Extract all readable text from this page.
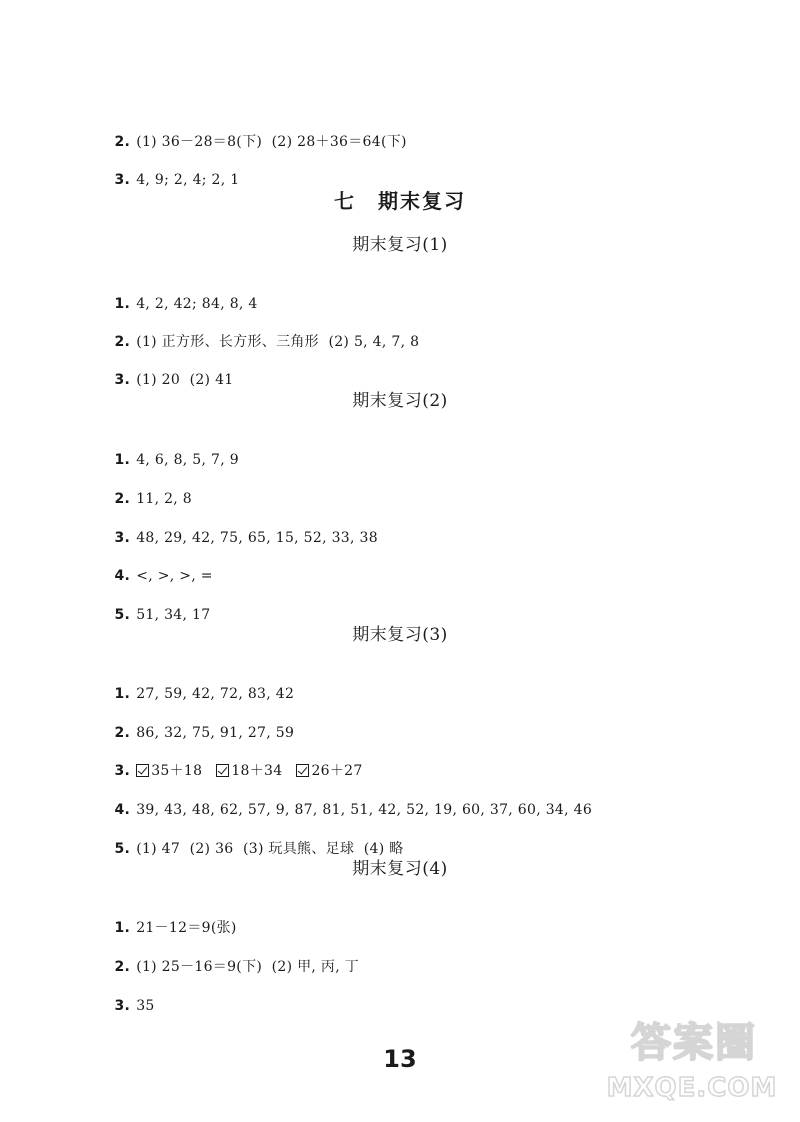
2. (1) 36－28＝8(下)  (2) 28＋36＝64(下)

3. 4, 9; 2, 4; 2, 1

七 期末复习
期末复习(1)

1. 4, 2, 42; 84, 8, 4

2. (1) 正方形、长方形、三角形  (2) 5, 4, 7, 8

3. (1) 20  (2) 41

期末复习(2)

1. 4, 6, 8, 5, 7, 9

2. 11, 2, 8

3. 48, 29, 42, 75, 65, 15, 52, 33, 38

4. <, >, >, =

5. 51, 34, 17

期末复习(3)

1. 27, 59, 42, 72, 83, 42

2. 86, 32, 75, 91, 27, 59

3. 35＋18 18＋34 26＋27

4. 39, 43, 48, 62, 57, 9, 87, 81, 51, 42, 52, 19, 60, 37, 60, 34, 46

5. (1) 47  (2) 36  (3) 玩具熊、足球  (4) 略

期末复习(4)

1. 21－12＝9(张)

2. (1) 25－16＝9(下)  (2) 甲, 丙, 丁

3. 35

13	答案圈
MXQE.COM
